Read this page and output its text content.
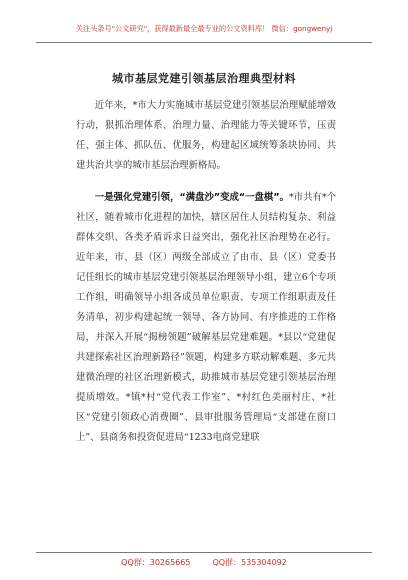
关注头条号"公文研究"，获得最新最全最专业的公文资料库！ 微信：gongwenyj
城市基层党建引领基层治理典型材料

近年来，*市大力实施城市基层党建引领基层治理赋能增效行动，狠抓治理体系、治理力量、治理能力等关键环节，压责任、强主体、抓队伍、优服务，构建起区域统筹条块协同、共建共治共享的城市基层治理新格局。

一是强化党建引领，“满盘沙”变成“一盘棋”。*市共有*个社区，随着城市化进程的加快，辖区居住人员结构复杂、利益群体交织、各类矛盾诉求日益突出，强化社区治理势在必行。近年来，市、县（区）两级全部成立了由市、县（区）党委书记任组长的城市基层党建引领基层治理领导小组，建立6个专项工作组，明确领导小组各成员单位职责、专项工作组职责及任务清单，初步构建起统一领导、各方协同、有序推进的工作格局，并深入开展“揭榜领题”破解基层党建难题。*县以“党建促共建探索社区治理新路径”领题，构建多方联动解难题、多元共建微治理的社区治理新模式，助推城市基层党建引领基层治理提质增效。*镇*村“党代表工作室”、*村红色美丽村庄、*社区“党建引领政心消费圈”、县审批服务管理局“支部建在窗口上”、县商务和投资促进局“1233电商党建联

QQ群：30265665	QQ群：535304092
